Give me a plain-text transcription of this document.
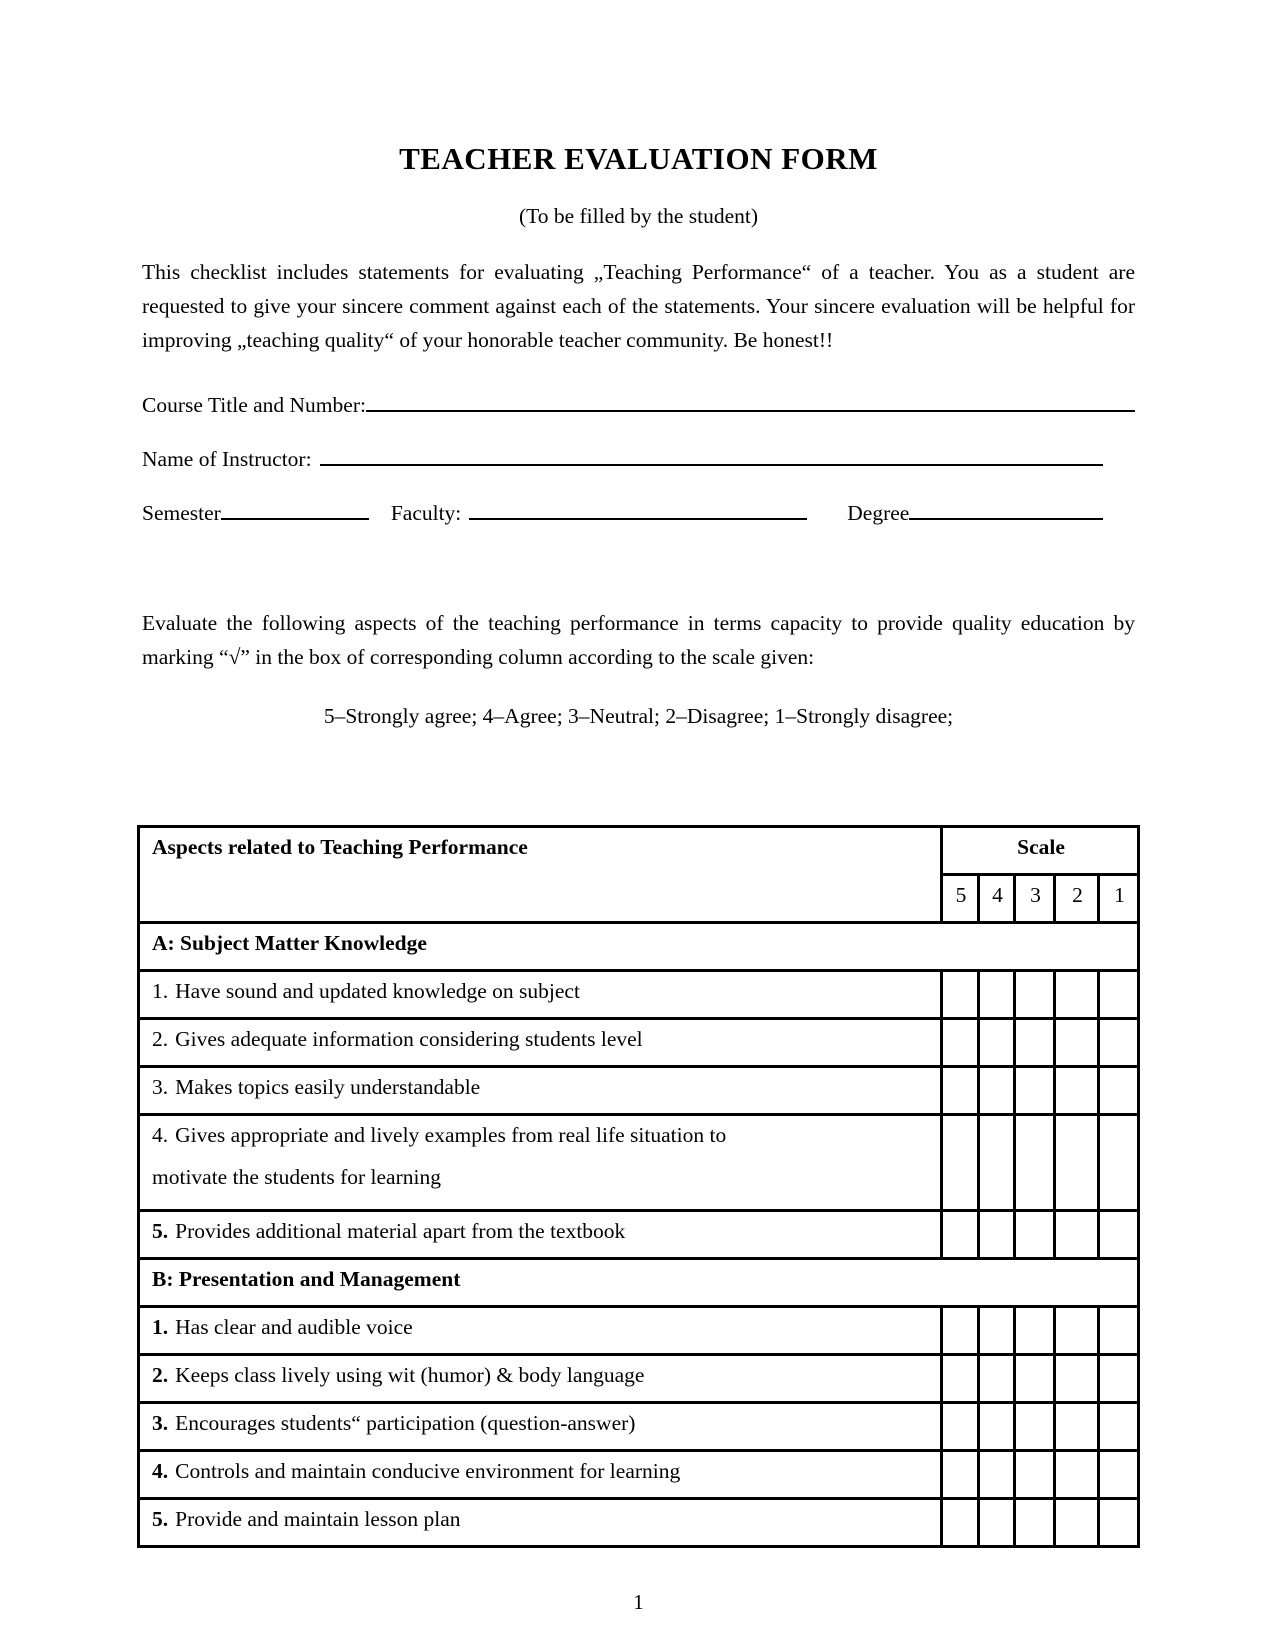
TEACHER EVALUATION FORM
(To be filled by the student)

This checklist includes statements for evaluating „Teaching Performance“ of a teacher. You as a student are requested to give your sincere comment against each of the statements. Your sincere evaluation will be helpful for improving „teaching quality“ of your honorable teacher community. Be honest!!

Course Title and Number:
Name of Instructor:
Semester	Faculty:	Degree

Evaluate the following aspects of the teaching performance in terms capacity to provide quality education by marking “√” in the box of corresponding column according to the scale given:

5–Strongly agree; 4–Agree; 3–Neutral; 2–Disagree; 1–Strongly disagree;
Aspects related to Teaching Performance	Scale				
	5	4	3	2	1
A: Subject Matter Knowledge					
1. Have sound and updated knowledge on subject					
2. Gives adequate information considering students level					
3. Makes topics easily understandable					
4. Gives appropriate and lively examples from real life situation to
motivate the students for learning					

5. Provides additional material apart from the textbook					
B: Presentation and Management					
1. Has clear and audible voice					
2. Keeps class lively using wit (humor) & body language					
3. Encourages students“ participation (question-answer)					
4. Controls and maintain conducive environment for learning					
5. Provide and maintain lesson plan					
1
